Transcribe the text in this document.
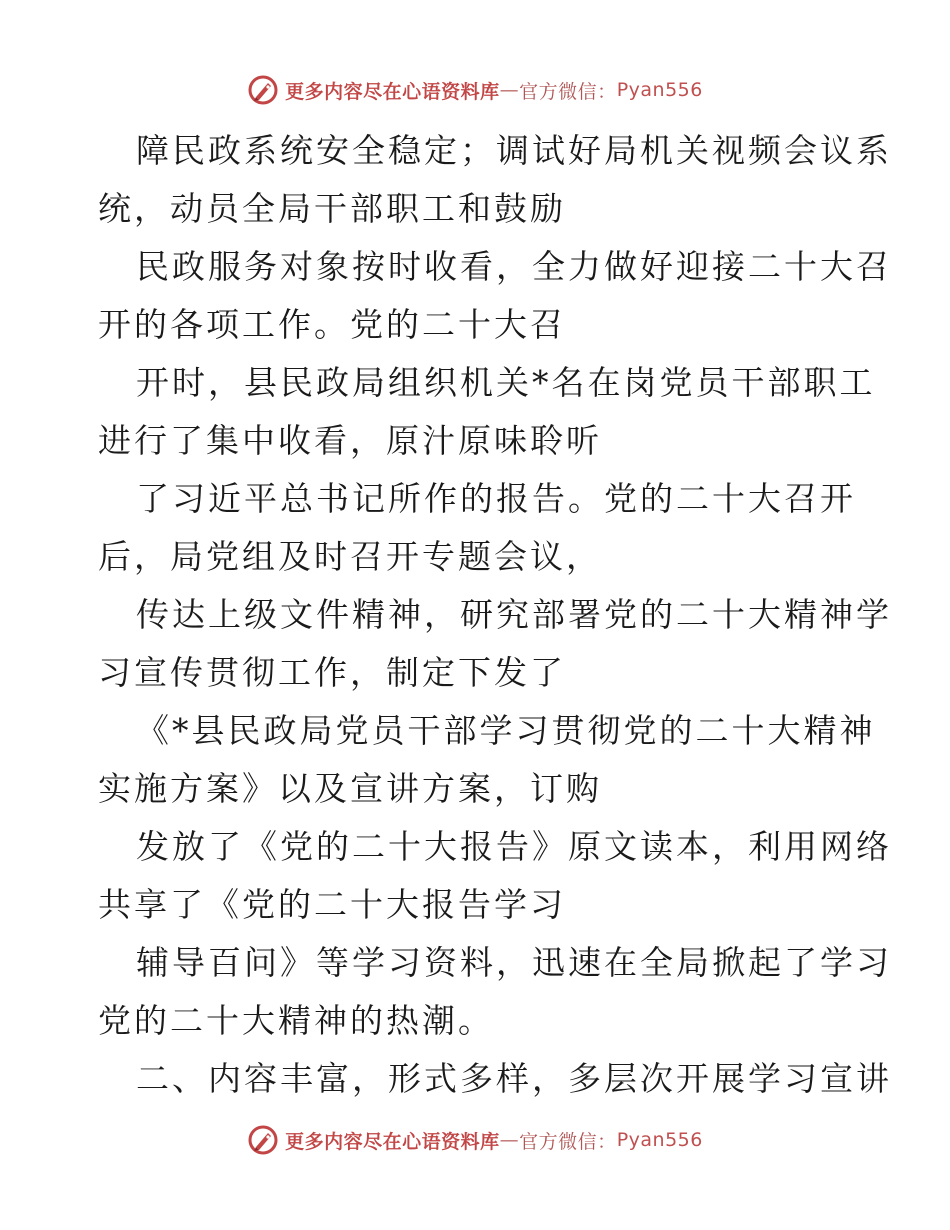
更多内容尽在心语资料库 — 官方微信： Pyan556
障民政系统安全稳定；调试好局机关视频会议系
统，动员全局干部职工和鼓励
民政服务对象按时收看，全力做好迎接二十大召
开的各项工作。党的二十大召
开时，县民政局组织机关*名在岗党员干部职工
进行了集中收看，原汁原味聆听
了习近平总书记所作的报告。党的二十大召开
后，局党组及时召开专题会议，
传达上级文件精神，研究部署党的二十大精神学
习宣传贯彻工作，制定下发了
《*县民政局党员干部学习贯彻党的二十大精神
实施方案》以及宣讲方案，订购
发放了《党的二十大报告》原文读本，利用网络
共享了《党的二十大报告学习
辅导百问》等学习资料，迅速在全局掀起了学习
党的二十大精神的热潮。
二、内容丰富，形式多样，多层次开展学习宣讲
更多内容尽在心语资料库 — 官方微信： Pyan556
